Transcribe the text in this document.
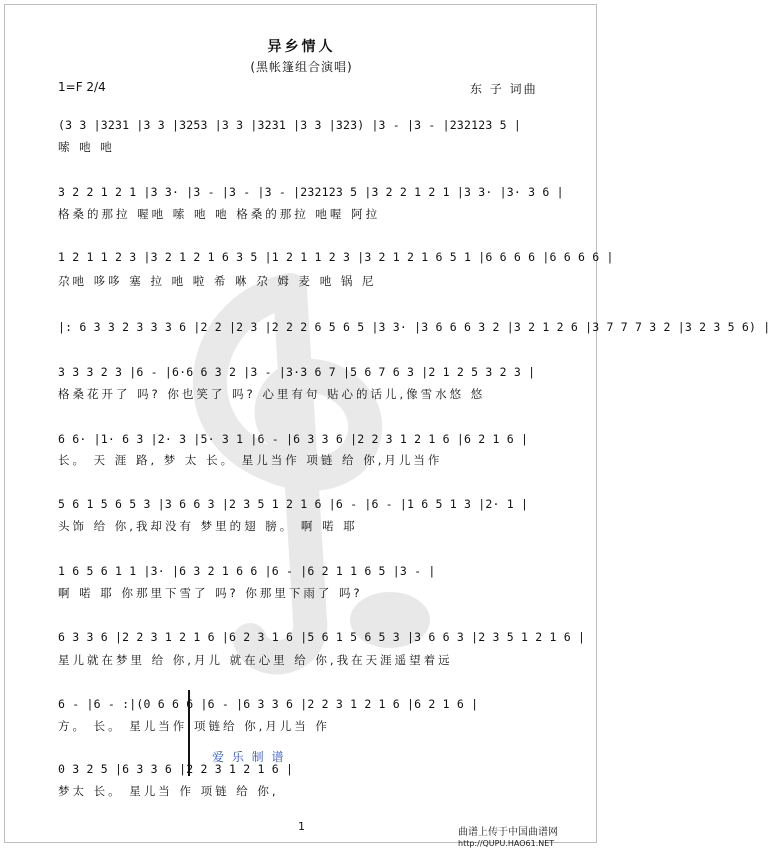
异乡情人
(黑帐篷组合演唱)
1=F 2/4	东 子 词曲
(3 3 |3231 |3 3 |3253 |3 3 |3231 |3 3 |323) |3 - |3 - |232123 5 |
嗦 吔 吔
3 2 2 1 2 1 |3 3· |3 - |3 - |3 - |232123 5 |3 2 2 1 2 1 |3 3· |3· 3 6 |
格桑的那拉 喔吔 嗦 吔 吔 格桑的那拉 吔喔 阿拉
1 2 1 1 2 3 |3 2 1 2 1 6 3 5 |1 2 1 1 2 3 |3 2 1 2 1 6 5 1 |6 6 6 6 |6 6 6 6 |
尕吔 哆哆 塞 拉 吔 啦 希 咻 尕 姆 麦 吔 锅 尼
|: 6 3 3 2 3 3 3 6 |2 2 |2 3 |2 2 2 6 5 6 5 |3 3· |3 6 6 6 3 2 |3 2 1 2 6 |3 7 7 7 3 2 |3 2 3 5 6) |
3 3 3 2 3 |6 - |6·6 6 3 2 |3 - |3·3 6 7 |5 6 7 6 3 |2 1 2 5 3 2 3 |
格桑花开了 吗? 你也笑了 吗? 心里有句 贴心的话儿,像雪水悠 悠
6 6· |1· 6 3 |2· 3 |5· 3 1 |6 - |6 3 3 6 |2 2 3 1 2 1 6 |6 2 1 6 |
长。 天 涯 路, 梦 太 长。 星儿当作 项链 给 你,月儿当作
5 6 1 5 6 5 3 |3 6 6 3 |2 3 5 1 2 1 6 |6 - |6 - |1 6 5 1 3 |2· 1 |
头饰 给 你,我却没有 梦里的翅 膀。 啊 喏 耶
1 6 5 6 1 1 |3· |6 3 2 1 6 6 |6 - |6 2 1 1 6 5 |3 - |
啊 喏 耶 你那里下雪了 吗? 你那里下雨了 吗?
6 3 3 6 |2 2 3 1 2 1 6 |6 2 3 1 6 |5 6 1 5 6 5 3 |3 6 6 3 |2 3 5 1 2 1 6 |
星儿就在梦里 给 你,月儿 就在心里 给 你,我在天涯遥望着远
6 - |6 - :|(0 6 6 6 |6 - |6 3 3 6 |2 2 3 1 2 1 6 |6 2 1 6 |
方。 长。 星儿当作 项链给 你,月儿当 作
爱 乐 制 谱
0 3 2 5 |6 3 3 6 |2 2 3 1 2 1 6 |
梦太 长。 星儿当 作 项链 给 你,
1	曲谱上传于中国曲谱网
http://QUPU.HAO61.NET
